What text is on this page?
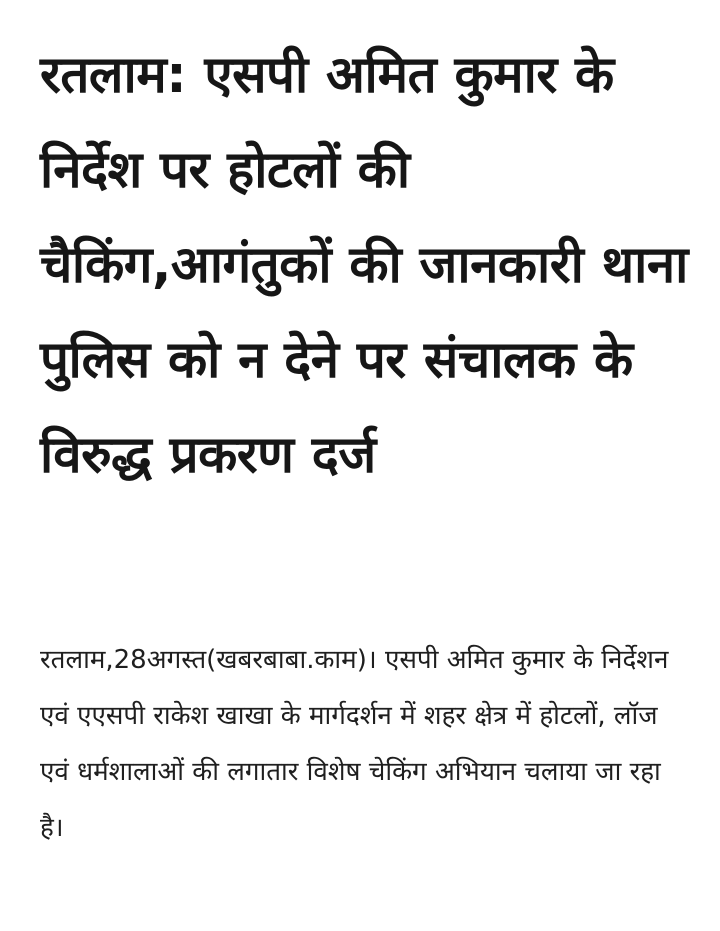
रतलाम: एसपी अमित कुमार के निर्देश पर होटलों की चैकिंग,आगंतुकों की जानकारी थाना पुलिस को न देने पर संचालक के विरुद्ध प्रकरण दर्ज

रतलाम,28अगस्त(खबरबाबा.काम)। एसपी अमित कुमार के निर्देशन एवं एएसपी राकेश खाखा के मार्गदर्शन में शहर क्षेत्र में होटलों, लॉज एवं धर्मशालाओं की लगातार विशेष चेकिंग अभियान चलाया जा रहा है।
